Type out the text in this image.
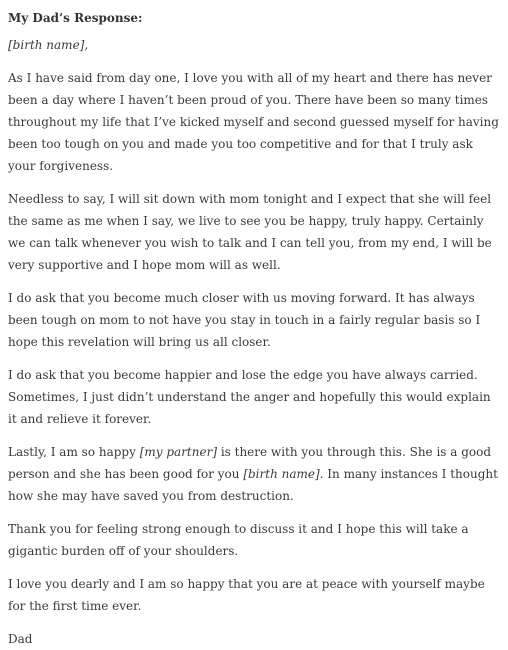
My Dad’s Response:
[birth name],
As I have said from day one, I love you with all of my heart and there has never been a day where I haven’t been proud of you. There have been so many times throughout my life that I’ve kicked myself and second guessed myself for having been too tough on you and made you too competitive and for that I truly ask your forgiveness.
Needless to say, I will sit down with mom tonight and I expect that she will feel the same as me when I say, we live to see you be happy, truly happy. Certainly we can talk whenever you wish to talk and I can tell you, from my end, I will be very supportive and I hope mom will as well.
I do ask that you become much closer with us moving forward. It has always been tough on mom to not have you stay in touch in a fairly regular basis so I hope this revelation will bring us all closer.
I do ask that you become happier and lose the edge you have always carried. Sometimes, I just didn’t understand the anger and hopefully this would explain it and relieve it forever.
Lastly, I am so happy [my partner] is there with you through this. She is a good person and she has been good for you [birth name]. In many instances I thought how she may have saved you from destruction.
Thank you for feeling strong enough to discuss it and I hope this will take a gigantic burden off of your shoulders.
I love you dearly and I am so happy that you are at peace with yourself maybe for the first time ever.
Dad
